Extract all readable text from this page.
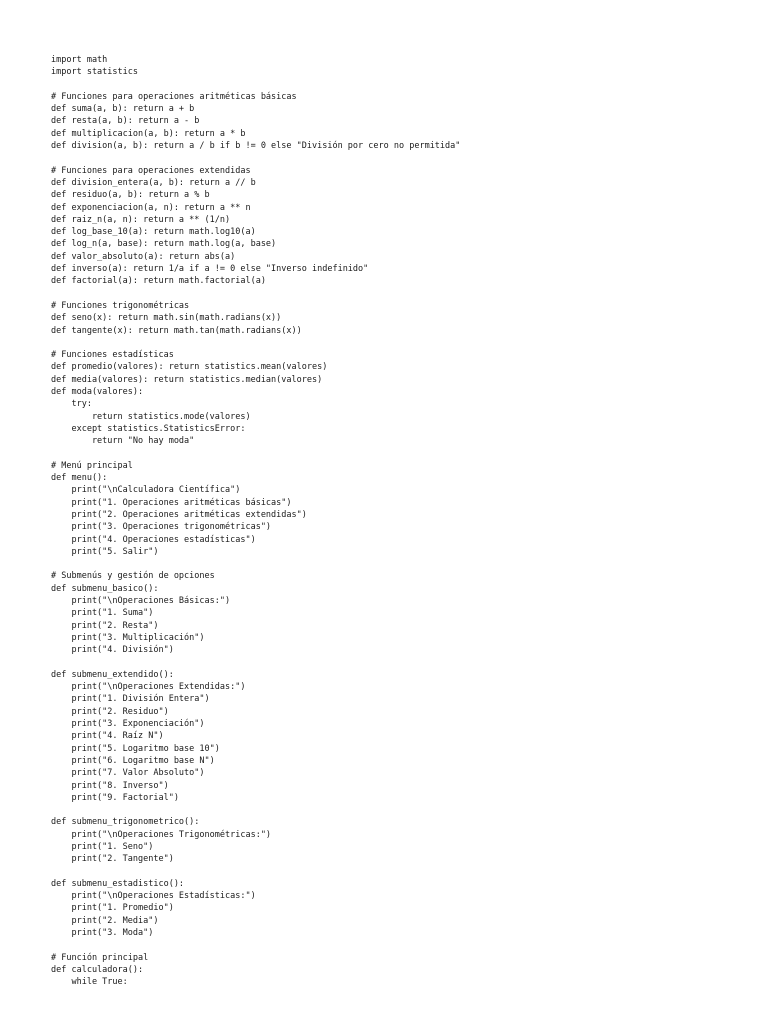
import math
import statistics
# Funciones para operaciones aritméticas básicas
def suma(a, b): return a + b
def resta(a, b): return a - b
def multiplicacion(a, b): return a * b
def division(a, b): return a / b if b != 0 else "División por cero no permitida"
# Funciones para operaciones extendidas
def division_entera(a, b): return a // b
def residuo(a, b): return a % b
def exponenciacion(a, n): return a ** n
def raiz_n(a, n): return a ** (1/n)
def log_base_10(a): return math.log10(a)
def log_n(a, base): return math.log(a, base)
def valor_absoluto(a): return abs(a)
def inverso(a): return 1/a if a != 0 else "Inverso indefinido"
def factorial(a): return math.factorial(a)
# Funciones trigonométricas
def seno(x): return math.sin(math.radians(x))
def tangente(x): return math.tan(math.radians(x))
# Funciones estadísticas
def promedio(valores): return statistics.mean(valores)
def media(valores): return statistics.median(valores)
def moda(valores):
try:
return statistics.mode(valores)
except statistics.StatisticsError:
return "No hay moda"
# Menú principal
def menu():
print("\nCalculadora Científica")
print("1. Operaciones aritméticas básicas")
print("2. Operaciones aritméticas extendidas")
print("3. Operaciones trigonométricas")
print("4. Operaciones estadísticas")
print("5. Salir")
# Submenús y gestión de opciones
def submenu_basico():
print("\nOperaciones Básicas:")
print("1. Suma")
print("2. Resta")
print("3. Multiplicación")
print("4. División")
def submenu_extendido():
print("\nOperaciones Extendidas:")
print("1. División Entera")
print("2. Residuo")
print("3. Exponenciación")
print("4. Raíz N")
print("5. Logaritmo base 10")
print("6. Logaritmo base N")
print("7. Valor Absoluto")
print("8. Inverso")
print("9. Factorial")
def submenu_trigonometrico():
print("\nOperaciones Trigonométricas:")
print("1. Seno")
print("2. Tangente")
def submenu_estadistico():
print("\nOperaciones Estadísticas:")
print("1. Promedio")
print("2. Media")
print("3. Moda")
# Función principal
def calculadora():
while True:
